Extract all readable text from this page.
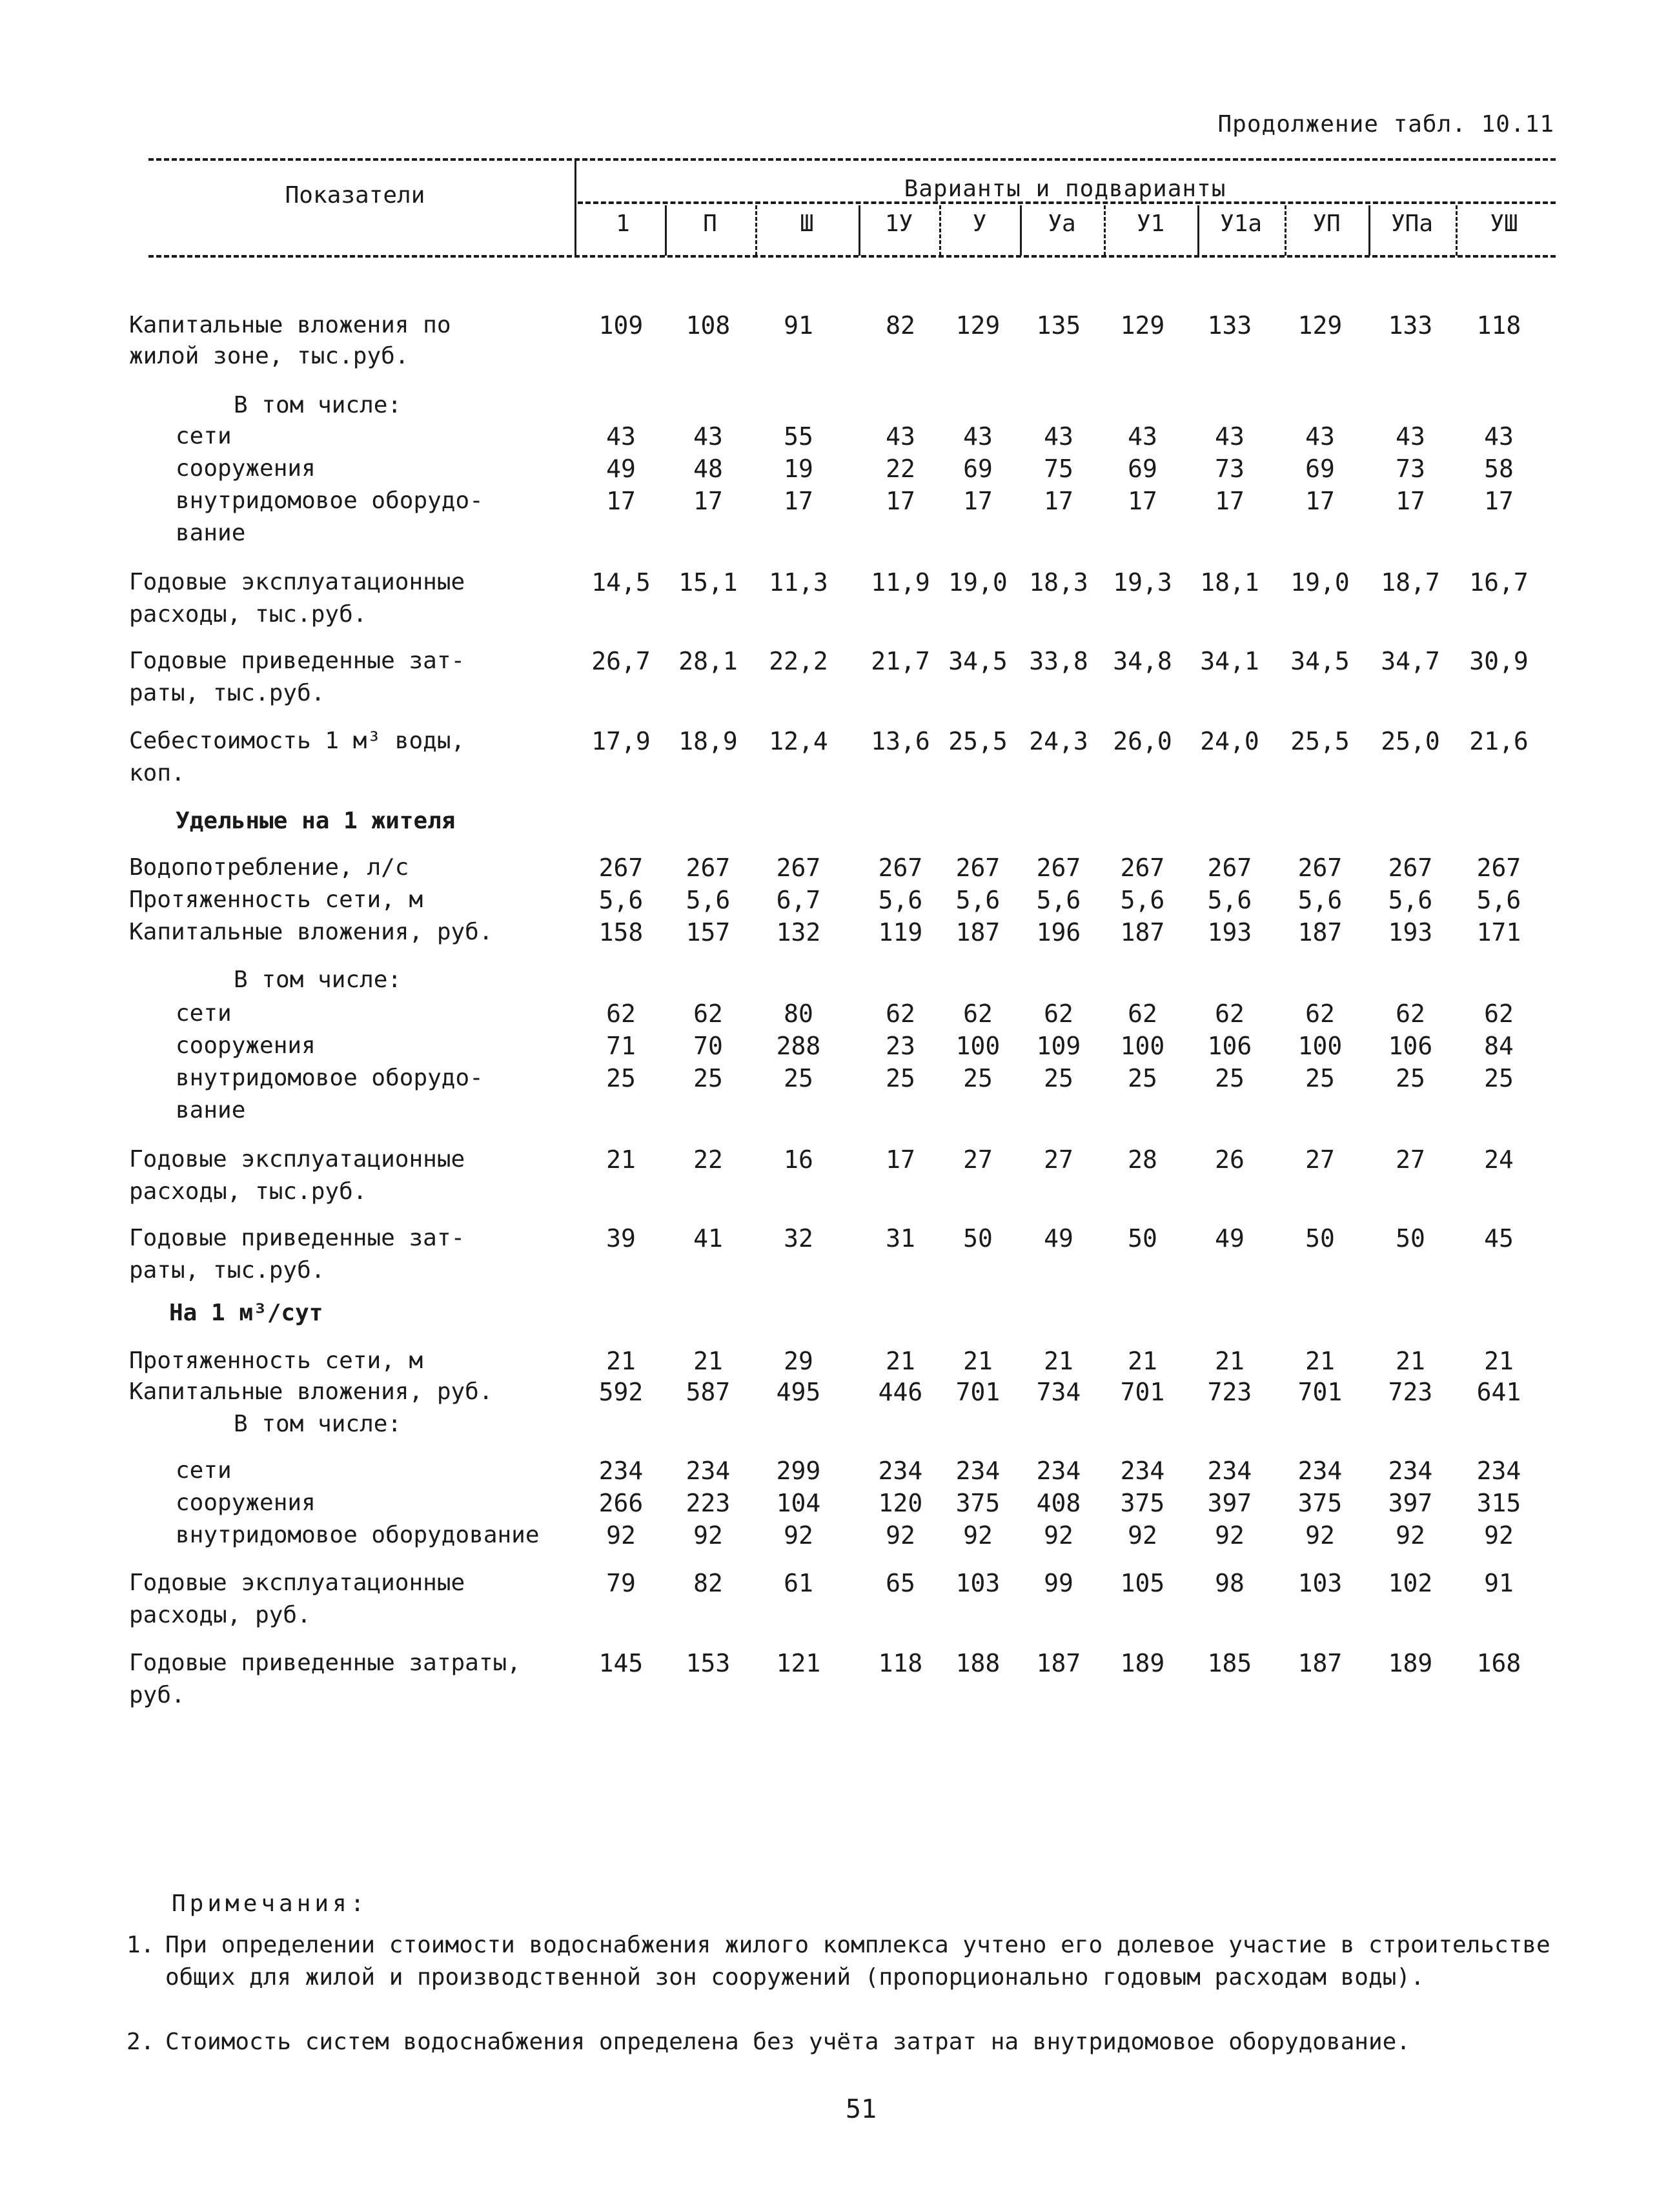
Продолжение табл. 10.11
Показатели	Варианты и подварианты
1	П	Ш	1У	У	Уа	У1	У1а	УП	УПа	УШ
Капитальные вложения по	109	108	91	82	129	135	129	133	129	133	118
жилой зоне, тыс.руб.
В том числе:
сети	43	43	55	43	43	43	43	43	43	43	43
сооружения	49	48	19	22	69	75	69	73	69	73	58
внутридомовое оборудо-	17	17	17	17	17	17	17	17	17	17	17
вание
Годовые эксплуатационные	14,5	15,1	11,3	11,9 19,0 18,3	19,3	18,1	19,0	18,7	16,7
расходы, тыс.руб.
Годовые приведенные зат-	26,7	28,1	22,2	21,7 34,5 33,8	34,8	34,1	34,5	34,7	30,9
раты, тыс.руб.
Себестоимость 1 м³ воды,	17,9	18,9	12,4	13,6 25,5 24,3	26,0	24,0	25,5	25,0	21,6
коп.
Удельные на 1 жителя
Водопотребление, л/с	267	267	267	267	267	267	267	267	267	267	267
Протяженность сети, м	5,6	5,6	6,7	5,6	5,6	5,6	5,6	5,6	5,6	5,6	5,6
Капитальные вложения, руб.	158	157	132	119	187	196	187	193	187	193	171
В том числе:
сети	62	62	80	62	62	62	62	62	62	62	62
сооружения	71	70	288	23	100	109	100	106	100	106	84
внутридомовое оборудо-	25	25	25	25	25	25	25	25	25	25	25
вание
Годовые эксплуатационные	21	22	16	17	27	27	28	26	27	27	24
расходы, тыс.руб.
Годовые приведенные зат-	39	41	32	31	50	49	50	49	50	50	45
раты, тыс.руб.
На 1 м³/сут
Протяженность сети, м	21	21	29	21	21	21	21	21	21	21	21
Капитальные вложения, руб.	592	587	495	446	701	734	701	723	701	723	641
В том числе:
сети	234	234	299	234	234	234	234	234	234	234	234
сооружения	266	223	104	120	375	408	375	397	375	397	315
внутридомовое оборудование	92	92	92	92	92	92	92	92	92	92	92
Годовые эксплуатационные	79	82	61	65	103	99	105	98	103	102	91
расходы, руб.
Годовые приведенные затраты,	145	153	121	118	188	187	189	185	187	189	168
руб.
Примечания:
1. При определении стоимости водоснабжения жилого комплекса учтено его долевое участие в строительстве общих для жилой и производственной зон сооружений (пропорционально годовым расходам воды).
2. Стоимость систем водоснабжения определена без учёта затрат на внутридомовое оборудование.
51
